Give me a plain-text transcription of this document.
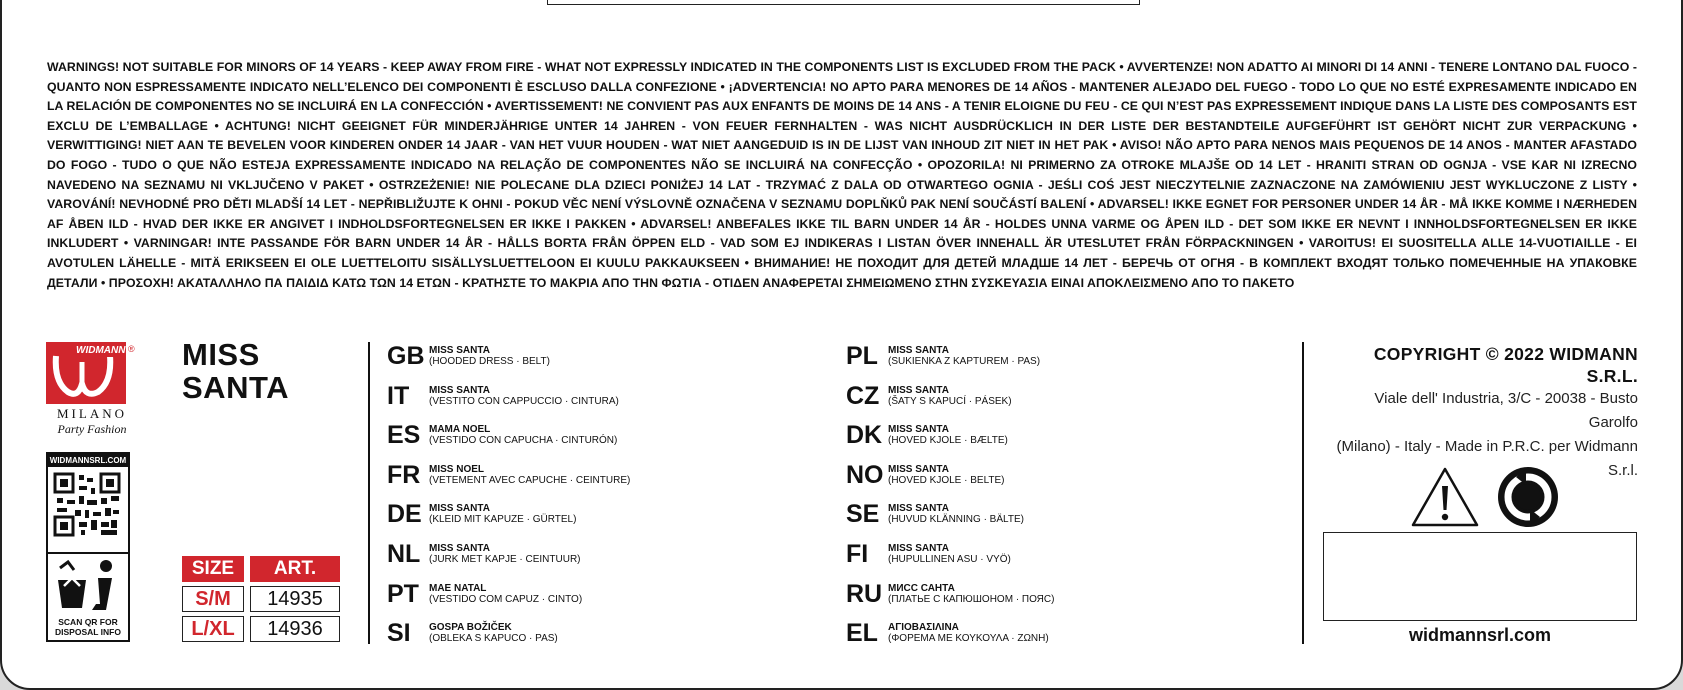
WARNINGS! NOT SUITABLE FOR MINORS OF 14 YEARS - KEEP AWAY FROM FIRE - WHAT NOT EXPRESSLY INDICATED IN THE COMPONENTS LIST IS EXCLUDED FROM THE PACK • AVVERTENZE! NON ADATTO AI MINORI DI 14 ANNI - TENERE LONTANO DAL FUOCO - QUANTO NON ESPRESSAMENTE INDICATO NELL’ELENCO DEI COMPONENTI È ESCLUSO DALLA CONFEZIONE • ¡ADVERTENCIA! NO APTO PARA MENORES DE 14 AÑOS - MANTENER ALEJADO DEL FUEGO - TODO LO QUE NO ESTÉ EXPRESAMENTE INDICADO EN LA RELACIÓN DE COMPONENTES NO SE INCLUIRÁ EN LA CONFECCIÓN • AVERTISSEMENT! NE CONVIENT PAS AUX ENFANTS DE MOINS DE 14 ANS - A TENIR ELOIGNE DU FEU - CE QUI N’EST PAS EXPRESSEMENT INDIQUE DANS LA LISTE DES COMPOSANTS EST EXCLU DE L’EMBALLAGE • ACHTUNG! NICHT GEEIGNET FÜR MINDERJÄHRIGE UNTER 14 JAHREN - VON FEUER FERNHALTEN - WAS NICHT AUSDRÜCKLICH IN DER LISTE DER BESTANDTEILE AUFGEFÜHRT IST GEHÖRT NICHT ZUR VERPACKUNG • VERWITTIGING! NIET AAN TE BEVELEN VOOR KINDEREN ONDER 14 JAAR - VAN HET VUUR HOUDEN - WAT NIET AANGEDUID IS IN DE LIJST VAN INHOUD ZIT NIET IN HET PAK • AVISO! NÃO APTO PARA NENOS MAIS PEQUENOS DE 14 ANOS - MANTER AFASTADO DO FOGO - TUDO O QUE NÃO ESTEJA EXPRESSAMENTE INDICADO NA RELAÇÃO DE COMPONENTES NÃO SE INCLUIRÁ NA CONFECÇÃO • OPOZORILA! NI PRIMERNO ZA OTROKE MLAJŠE OD 14 LET - HRANITI STRAN OD OGNJA - VSE KAR NI IZRECNO NAVEDENO NA SEZNAMU NI VKLJUČENO V PAKET • OSTRZEŻENIE! NIE POLECANE DLA DZIECI PONIŻEJ 14 LAT - TRZYMAĆ Z DALA OD OTWARTEGO OGNIA - JEŚLI COŚ JEST NIECZYTELNIE ZAZNACZONE NA ZAMÓWIENIU JEST WYKLUCZONE Z LISTY • VAROVÁNÍ! NEVHODNÉ PRO DĚTI MLADŠÍ 14 LET - NEPŘIBLIŽUJTE K OHNI - POKUD VĚC NENÍ VÝSLOVNĚ OZNAČENA V SEZNAMU DOPLŇKŮ PAK NENÍ SOUČÁSTÍ BALENÍ • ADVARSEL! IKKE EGNET FOR PERSONER UNDER 14 ÅR - MÅ IKKE KOMME I NÆRHEDEN AF ÅBEN ILD - HVAD DER IKKE ER ANGIVET I INDHOLDSFORTEGNELSEN ER IKKE I PAKKEN • ADVARSEL! ANBEFALES IKKE TIL BARN UNDER 14 ÅR - HOLDES UNNA VARME OG ÅPEN ILD - DET SOM IKKE ER NEVNT I INNHOLDSFORTEGNELSEN ER IKKE INKLUDERT • VARNINGAR! INTE PASSANDE FÖR BARN UNDER 14 ÅR - HÅLLS BORTA FRÅN ÖPPEN ELD - VAD SOM EJ INDIKERAS I LISTAN ÖVER INNEHALL ÄR UTESLUTET FRÅN FÖRPACKNINGEN • VAROITUS! EI SUOSITELLA ALLE 14-VUOTIAILLE - EI AVOTULEN LÄHELLE - MITÄ ERIKSEEN EI OLE LUETTELOITU SISÄLLYSLUETTELOON EI KUULU PAKKAUKSEEN • ВНИМАНИЕ! НЕ ПОХОДИТ ДЛЯ ДЕТЕЙ МЛАДШЕ 14 ЛЕТ - БЕРЕЧЬ ОТ ОГНЯ - В КОМПЛЕКТ ВХОДЯТ ТОЛЬКО ПОМЕЧЕННЫЕ НА УПАКОВКЕ ДЕТАЛИ • ΠΡΟΣΟΧΗ! ΑΚΑΤΑΛΛΗΛΟ ΠΑ ΠΑΙΔΙΔ ΚΑΤΩ ΤΩΝ 14 ΕΤΩΝ - ΚΡΑΤΗΣΤΕ ΤΟ ΜΑΚΡΙΑ ΑΠΟ ΤΗΝ ΦΩΤΙΑ - ΟΤΙΔΕΝ ΑΝΑΦΕΡΕΤΑΙ ΣΗΜΕΙΩΜΕΝΟ ΣΤΗΝ ΣΥΣΚΕΥΑΣΙΑ ΕΙΝΑΙ ΑΠΟΚΛΕΙΣΜΕΝΟ ΑΠΟ ΤΟ ΠΑΚΕΤΟ
WIDMANN ®
MILANO
Party Fashion
WIDMANNSRL.COM
SCAN QR FOR DISPOSAL INFO
MISS
SANTA
SIZE	ART.
S/M	14935
L/XL	14936
GB MISS SANTA
(HOODED DRESS · BELT)
IT	MISS SANTA
(VESTITO CON CAPPUCCIO · CINTURA)
ES MAMA NOEL
(VESTIDO CON CAPUCHA · CINTURÓN)
FR MISS NOEL
(VETEMENT AVEC CAPUCHE · CEINTURE)
DE MISS SANTA
(KLEID MIT KAPUZE · GÜRTEL)
NL MISS SANTA
(JURK MET KAPJE · CEINTUUR)
PT	MAE NATAL
(VESTIDO COM CAPUZ · CINTO)
SI	GOSPA BOŽIČEK
(OBLEKA S KAPUCO · PAS)
PL	MISS SANTA
(SUKIENKA Z KAPTUREM · PAS)
CZ MISS SANTA
(ŠATY S KAPUCÍ · PÁSEK)
DK MISS SANTA
(HOVED KJOLE · BÆLTE)
NO MISS SANTA
(HOVED KJOLE · BELTE)
SE MISS SANTA
(HUVUD KLÄNNING · BÄLTE)
FI	MISS SANTA
(HUPULLINEN ASU · VYÖ)
RU МИСС САНТА
(ПЛАТЬЕ С КАПЮШОНОМ · ПОЯС)
EL	ΑΓΙΟΒΑΣΙΛΙΝΑ
(ΦΟΡΕΜΑ ΜΕ ΚΟΥΚΟΥΛΑ · ΖΩΝΗ)
COPYRIGHT © 2022 WIDMANN S.R.L.
Viale dell' Industria, 3/C - 20038 - Busto Garolfo
(Milano) - Italy - Made in P.R.C. per Widmann S.r.l.
widmannsrl.com
